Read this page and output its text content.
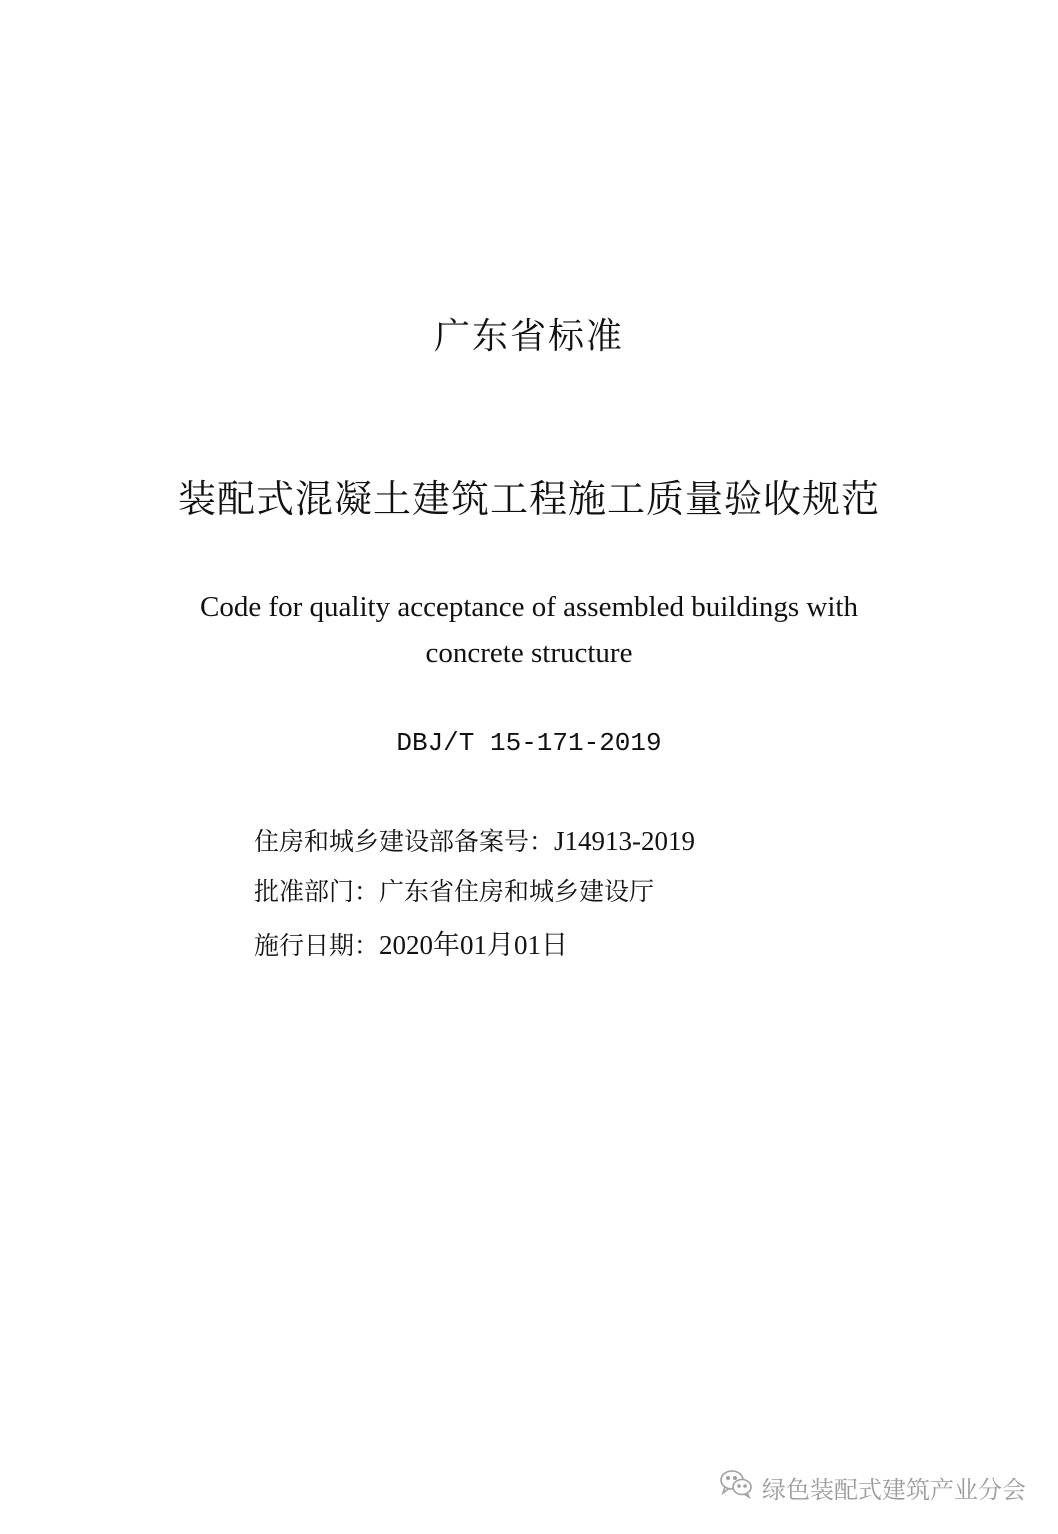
广东省标准
装配式混凝土建筑工程施工质量验收规范
Code for quality acceptance of assembled buildings with
concrete structure
DBJ/T 15-171-2019
住房和城乡建设部备案号：J14913-2019
批准部门：广东省住房和城乡建设厅
施行日期：2020年01月01日
绿色装配式建筑产业分会
